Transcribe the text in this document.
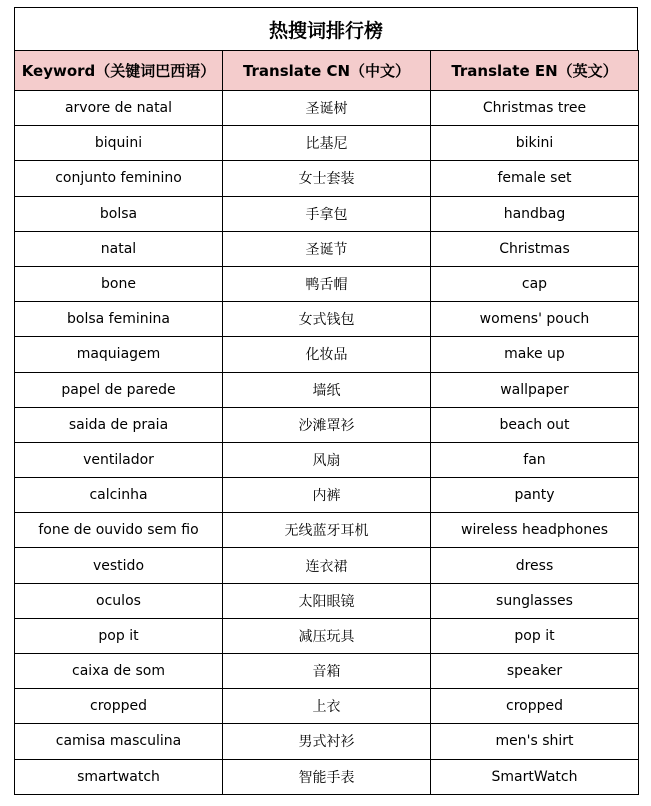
热搜词排行榜
Keyword（关键词巴西语）	Translate CN（中文）	Translate EN（英文）
arvore de natal	圣诞树	Christmas tree
biquini	比基尼	bikini
conjunto feminino	女士套装	female set
bolsa	手拿包	handbag
natal	圣诞节	Christmas
bone	鸭舌帽	cap
bolsa feminina	女式钱包	womens' pouch
maquiagem	化妆品	make up
papel de parede	墙纸	wallpaper
saida de praia	沙滩罩衫	beach out
ventilador	风扇	fan
calcinha	内裤	panty
fone de ouvido sem fio	无线蓝牙耳机	wireless headphones
vestido	连衣裙	dress
oculos	太阳眼镜	sunglasses
pop it	减压玩具	pop it
caixa de som	音箱	speaker
cropped	上衣	cropped
camisa masculina	男式衬衫	men's shirt
smartwatch	智能手表	SmartWatch
